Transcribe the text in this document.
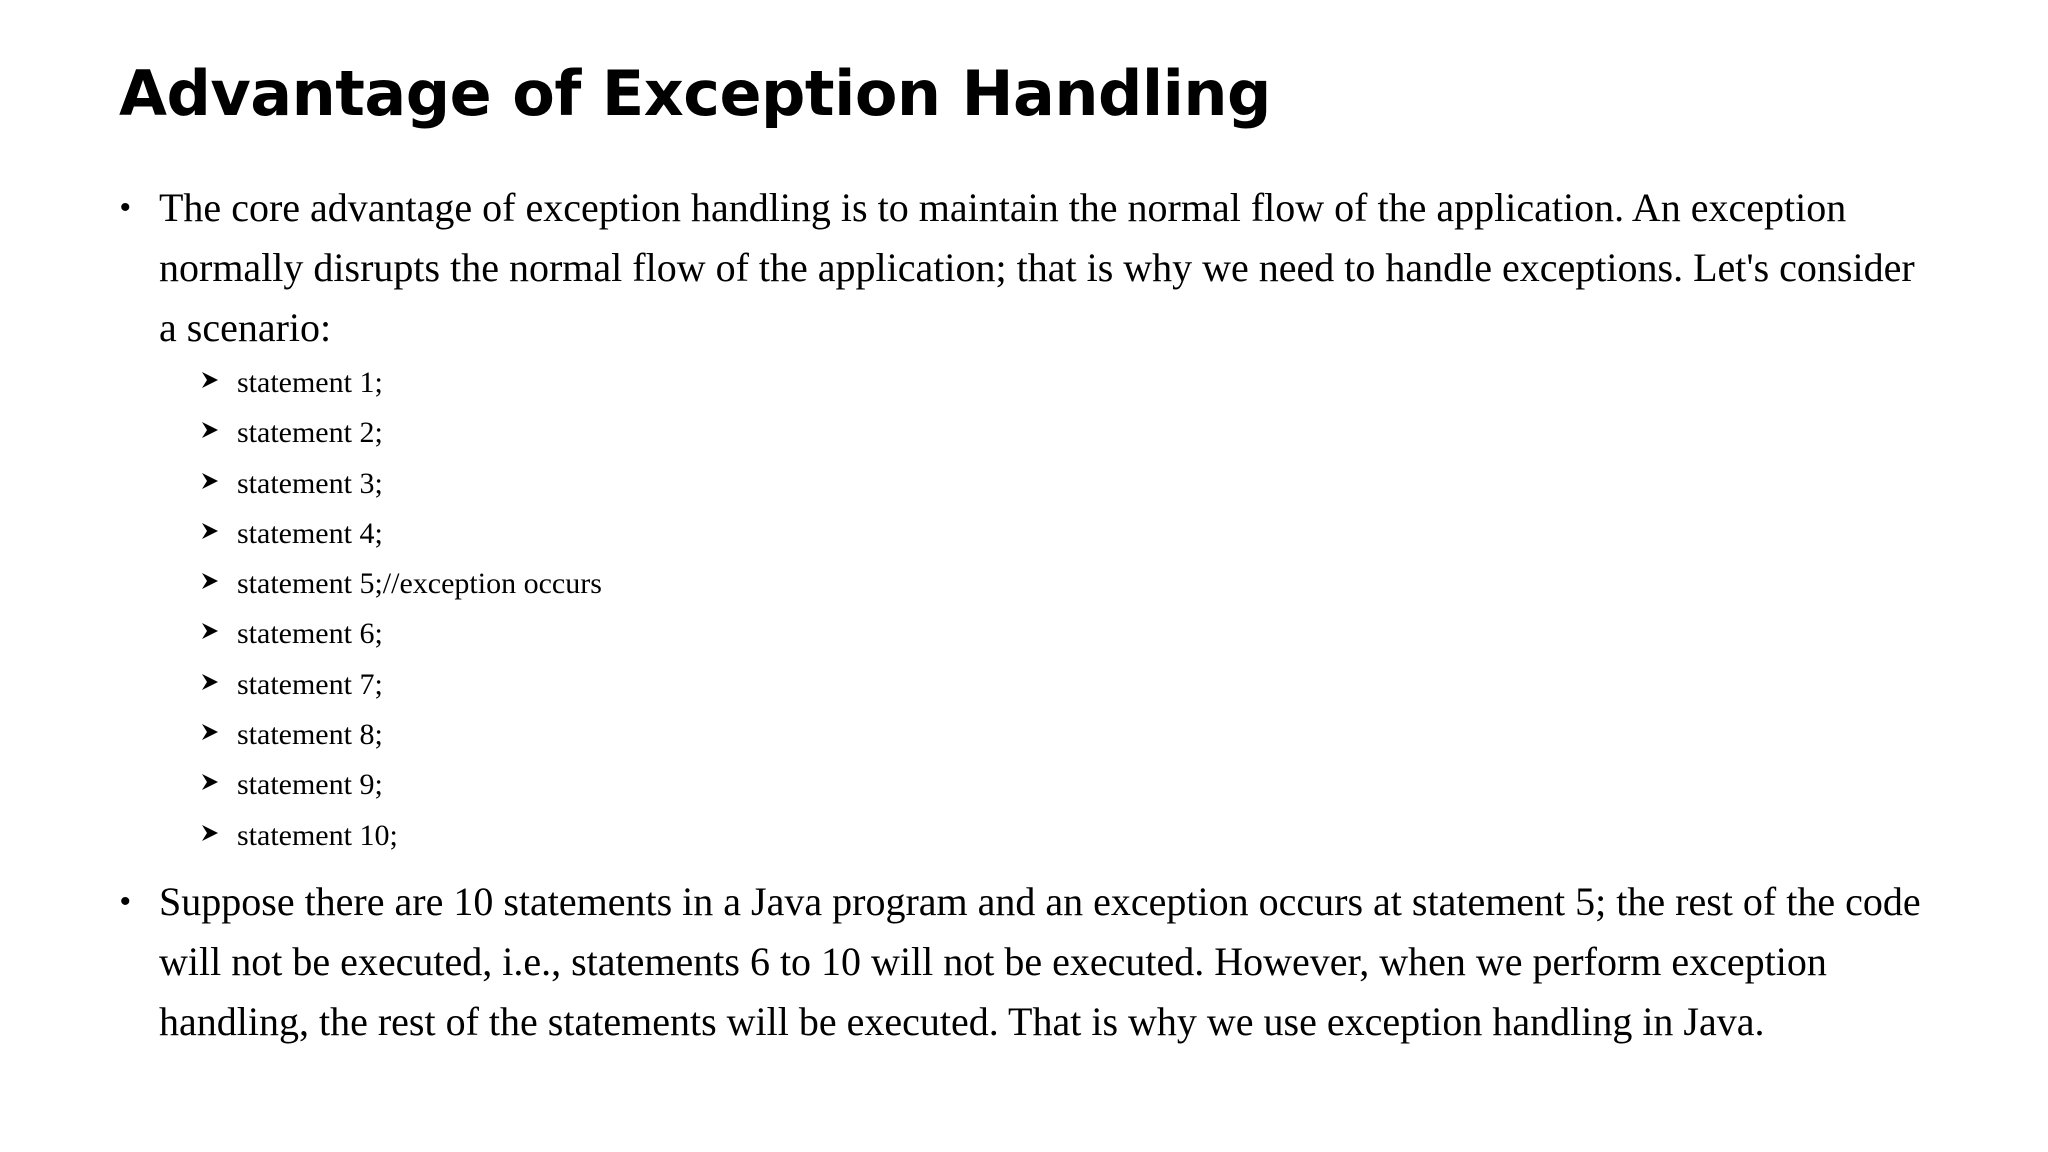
Advantage of Exception Handling
• The core advantage of exception handling is to maintain the normal flow of the application. An exception normally disrupts the normal flow of the application; that is why we need to handle exceptions. Let's consider a scenario:

statement 1;
statement 2;
statement 3;
statement 4;
statement 5;//exception occurs
statement 6;
statement 7;
statement 8;
statement 9;
statement 10;
• Suppose there are 10 statements in a Java program and an exception occurs at statement 5; the rest of the code will not be executed, i.e., statements 6 to 10 will not be executed. However, when we perform exception handling, the rest of the statements will be executed. That is why we use exception handling in Java.
